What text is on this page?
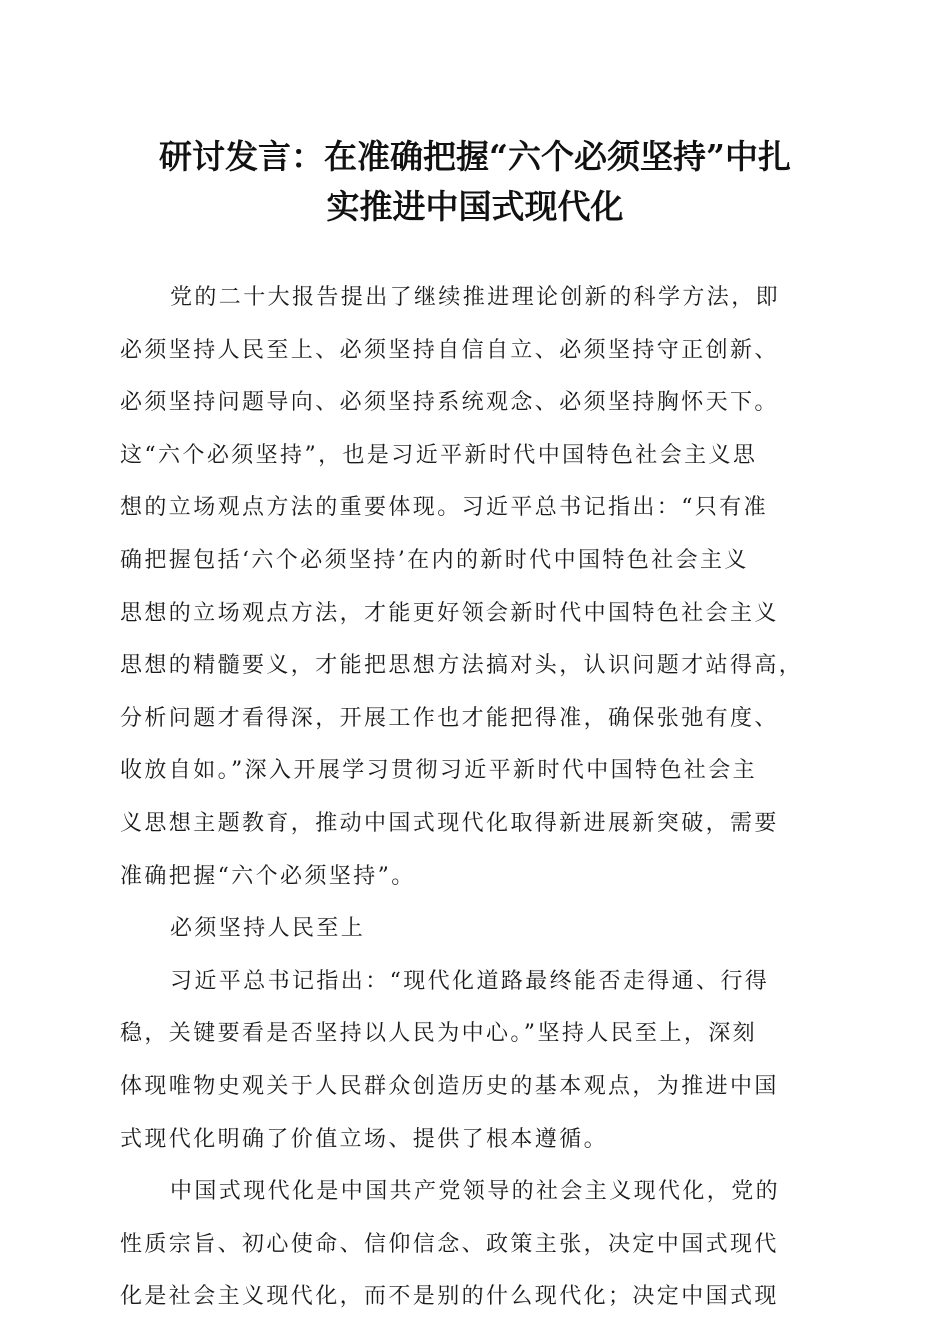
研讨发言：在准确把握“六个必须坚持”中扎
实推进中国式现代化
党的二十大报告提出了继续推进理论创新的科学方法，即
必须坚持人民至上、必须坚持自信自立、必须坚持守正创新、
必须坚持问题导向、必须坚持系统观念、必须坚持胸怀天下。
这“六个必须坚持”，也是习近平新时代中国特色社会主义思
想的立场观点方法的重要体现。习近平总书记指出：“只有准
确把握包括‘六个必须坚持’在内的新时代中国特色社会主义
思想的立场观点方法，才能更好领会新时代中国特色社会主义
思想的精髓要义，才能把思想方法搞对头，认识问题才站得高，
分析问题才看得深，开展工作也才能把得准，确保张弛有度、
收放自如。”深入开展学习贯彻习近平新时代中国特色社会主
义思想主题教育，推动中国式现代化取得新进展新突破，需要
准确把握“六个必须坚持”。
必须坚持人民至上
习近平总书记指出：“现代化道路最终能否走得通、行得
稳，关键要看是否坚持以人民为中心。”坚持人民至上，深刻
体现唯物史观关于人民群众创造历史的基本观点，为推进中国
式现代化明确了价值立场、提供了根本遵循。
中国式现代化是中国共产党领导的社会主义现代化，党的
性质宗旨、初心使命、信仰信念、政策主张，决定中国式现代
化是社会主义现代化，而不是别的什么现代化；决定中国式现
